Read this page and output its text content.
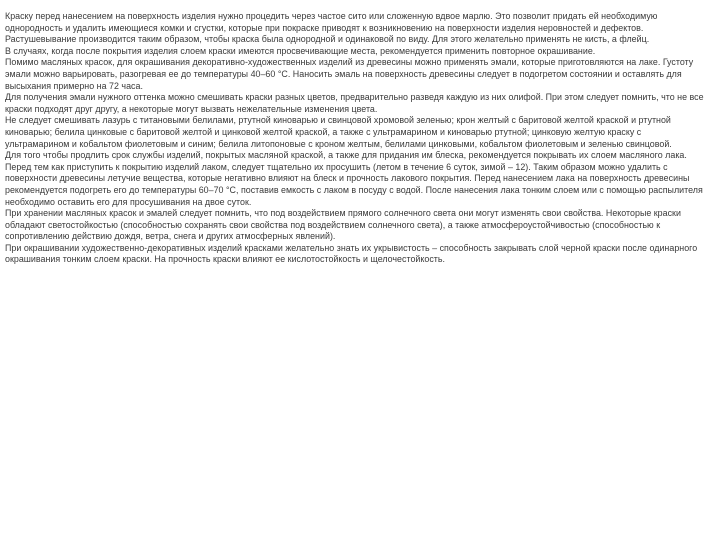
Краску перед нанесением на поверхность изделия нужно процедить через частое сито или сложенную вдвое марлю. Это позволит придать ей необходимую однородность и удалить имеющиеся комки и сгустки, которые при покраске приводят к возникновению на поверхности изделия неровностей и дефектов.

Растушевывание производится таким образом, чтобы краска была однородной и одинаковой по виду. Для этого желательно применять не кисть, а флейц.

В случаях, когда после покрытия изделия слоем краски имеются просвечивающие места, рекомендуется применить повторное окрашивание.

Помимо масляных красок, для окрашивания декоративно-художественных изделий из древесины можно применять эмали, которые приготовляются на лаке. Густоту эмали можно варьировать, разогревая ее до температуры 40–60 °C. Наносить эмаль на поверхность древесины следует в подогретом состоянии и оставлять для высыхания примерно на 72 часа.

Для получения эмали нужного оттенка можно смешивать краски разных цветов, предварительно разведя каждую из них олифой. При этом следует помнить, что не все краски подходят друг другу, а некоторые могут вызвать нежелательные изменения цвета.

Не следует смешивать лазурь с титановыми белилами, ртутной киноварью и свинцовой хромовой зеленью; крон желтый с баритовой желтой краской и ртутной киноварью; белила цинковые с баритовой желтой и цинковой желтой краской, а также с ультрамарином и киноварью ртутной; цинковую желтую краску с ультрамарином и кобальтом фиолетовым и синим; белила литопоновые с кроном желтым, белилами цинковыми, кобальтом фиолетовым и зеленью свинцовой.

Для того чтобы продлить срок службы изделий, покрытых масляной краской, а также для придания им блеска, рекомендуется покрывать их слоем масляного лака. Перед тем как приступить к покрытию изделий лаком, следует тщательно их просушить (летом в течение 6 суток, зимой – 12). Таким образом можно удалить с поверхности древесины летучие вещества, которые негативно влияют на блеск и прочность лакового покрытия. Перед нанесением лака на поверхность древесины рекомендуется подогреть его до температуры 60–70 °C, поставив емкость с лаком в посуду с водой. После нанесения лака тонким слоем или с помощью распылителя необходимо оставить его для просушивания на двое суток.

При хранении масляных красок и эмалей следует помнить, что под воздействием прямого солнечного света они могут изменять свои свойства. Некоторые краски обладают светостойкостью (способностью сохранять свои свойства под воздействием солнечного света), а также атмосфероустойчивостью (способностью к сопротивлению действию дождя, ветра, снега и других атмосферных явлений).

При окрашивании художественно-декоративных изделий красками желательно знать их укрывистость – способность закрывать слой черной краски после одинарного окрашивания тонким слоем краски. На прочность краски влияют ее кислотостойкость и щелочестойкость.
